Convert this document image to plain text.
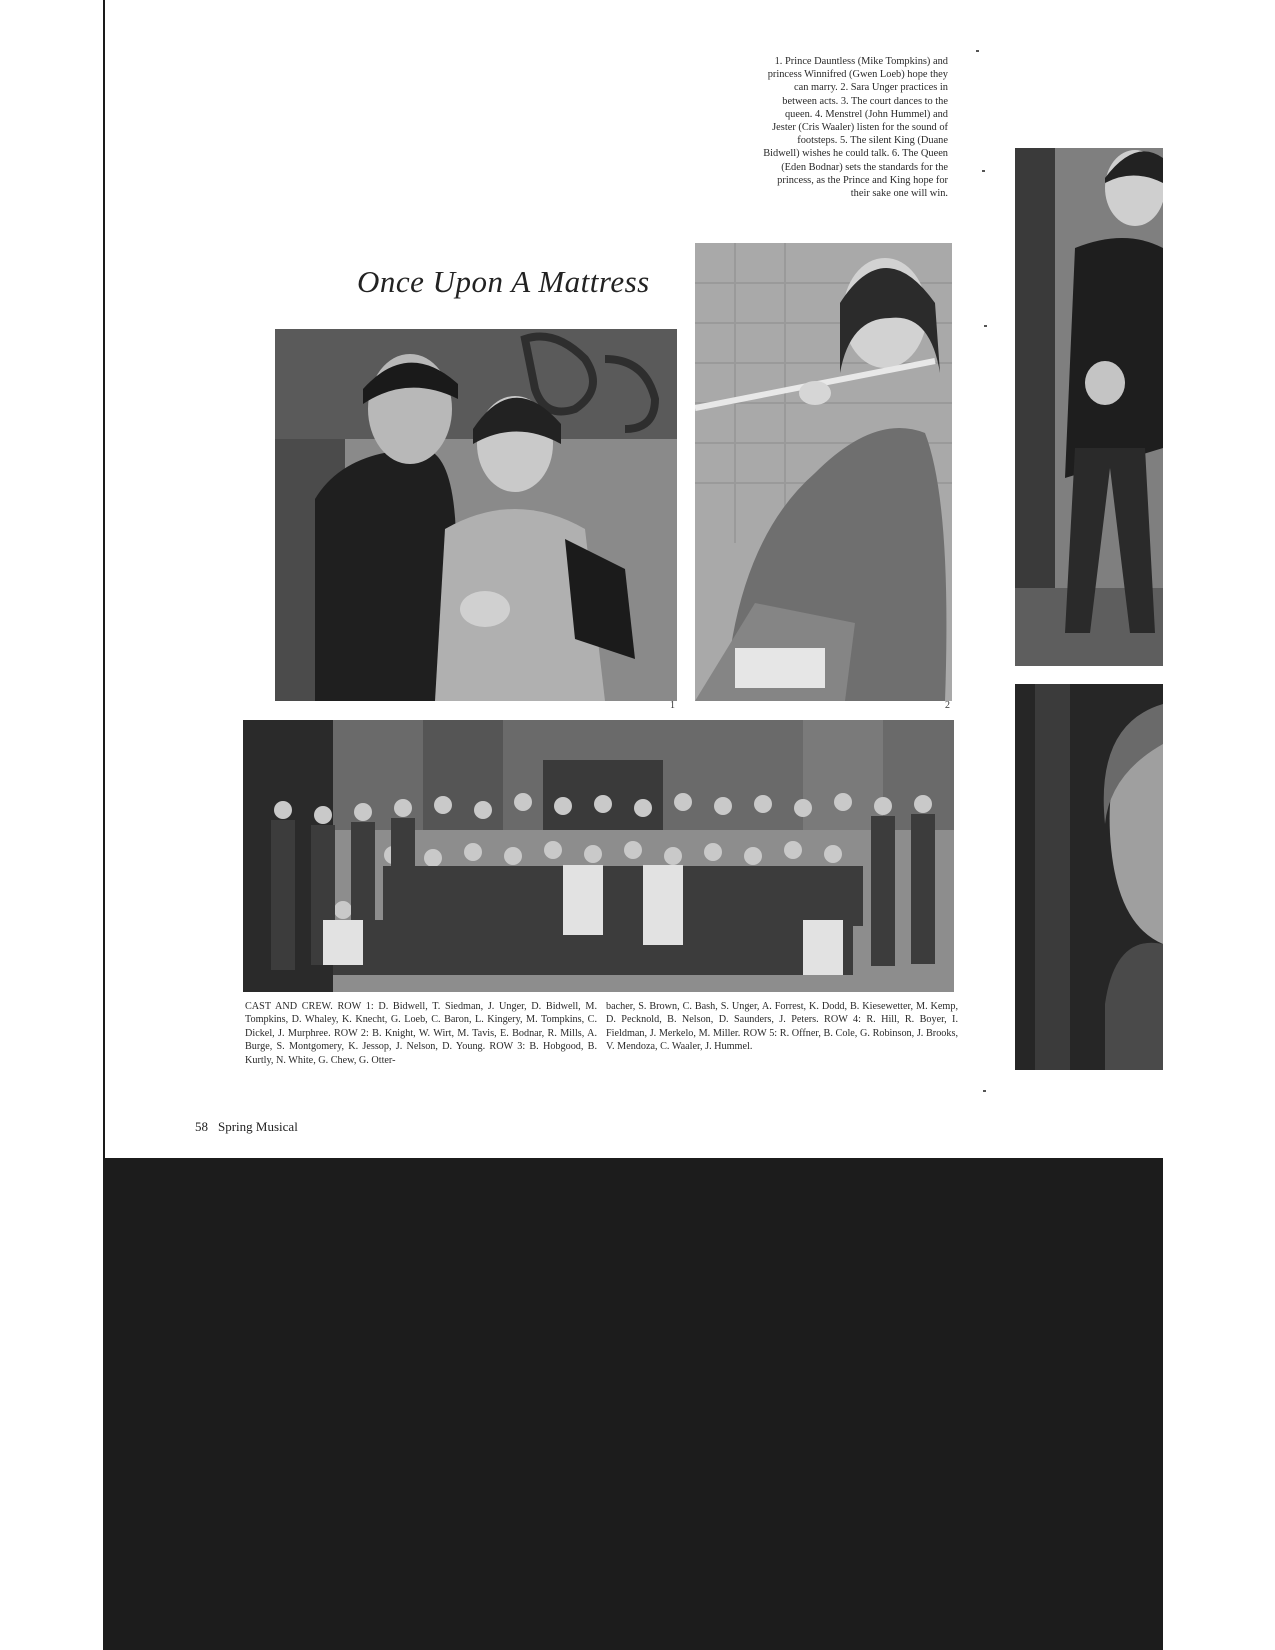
1. Prince Dauntless (Mike Tompkins) and princess Winnifred (Gwen Loeb) hope they can marry. 2. Sara Unger practices in between acts. 3. The court dances to the queen. 4. Menstrel (John Hummel) and Jester (Cris Waaler) listen for the sound of footsteps. 5. The silent King (Duane Bidwell) wishes he could talk. 6. The Queen (Eden Bodnar) sets the standards for the princess, as the Prince and King hope for their sake one will win.
Once Upon A Mattress
1	2
CAST AND CREW. ROW 1: D. Bidwell, T. Siedman, J. Unger, D. Bidwell, M. Tompkins, D. Whaley, K. Knecht, G. Loeb, C. Baron, L. Kingery, M. Tompkins, C. Dickel, J. Murphree. ROW 2: B. Knight, W. Wirt, M. Tavis, E. Bodnar, R. Mills, A. Burge, S. Montgomery, K. Jessop, J. Nelson, D. Young. ROW 3: B. Hobgood, B. Kurtly, N. White, G. Chew, G. Otter-
bacher, S. Brown, C. Bash, S. Unger, A. Forrest, K. Dodd, B. Kiesewetter, M. Kemp, D. Pecknold, B. Nelson, D. Saunders, J. Peters. ROW 4: R. Hill, R. Boyer, I. Fieldman, J. Merkelo, M. Miller. ROW 5: R. Offner, B. Cole, G. Robinson, J. Brooks, V. Mendoza, C. Waaler, J. Hummel.
58 Spring Musical
